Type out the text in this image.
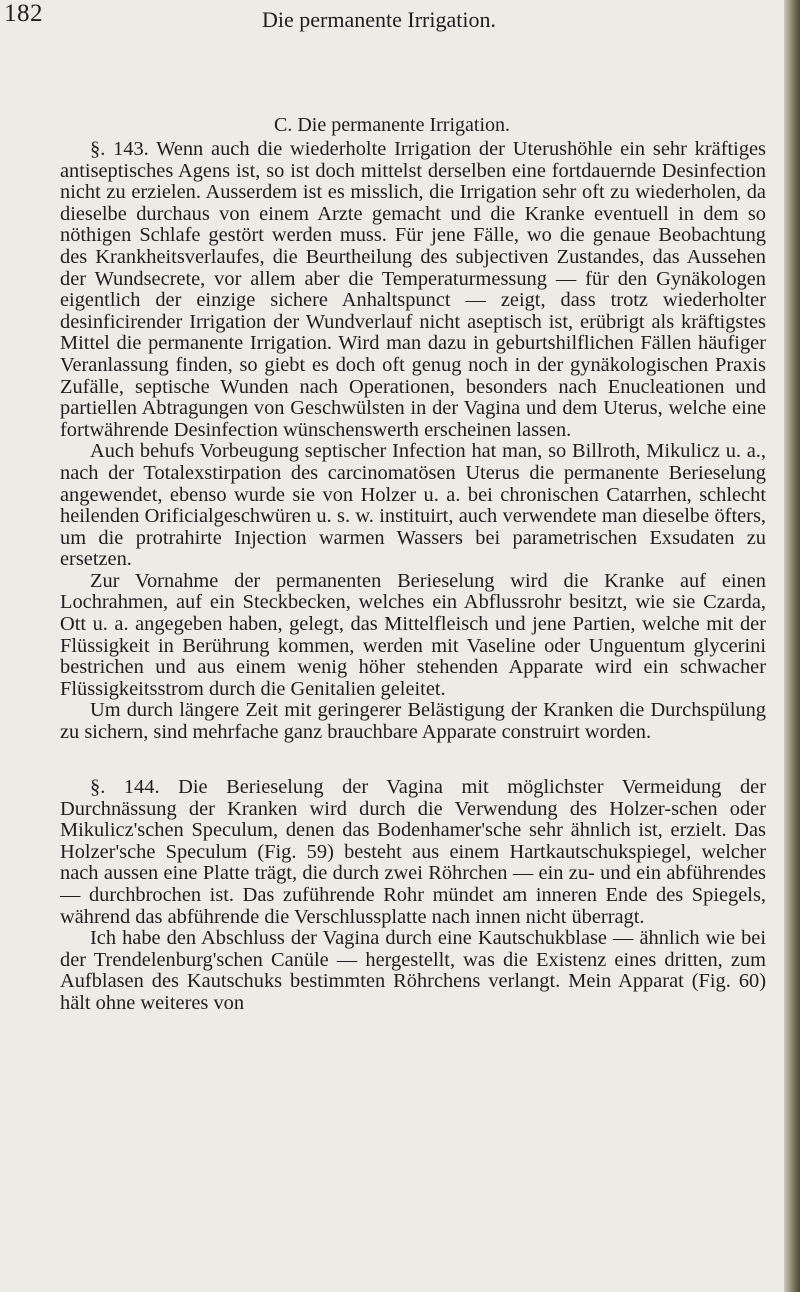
182	Die permanente Irrigation.
C. Die permanente Irrigation.

§. 143. Wenn auch die wiederholte Irrigation der Uterushöhle ein sehr kräftiges antiseptisches Agens ist, so ist doch mittelst derselben eine fortdauernde Desinfection nicht zu erzielen. Ausserdem ist es misslich, die Irrigation sehr oft zu wiederholen, da dieselbe durchaus von einem Arzte gemacht und die Kranke eventuell in dem so nöthigen Schlafe gestört werden muss. Für jene Fälle, wo die genaue Beobachtung des Krankheitsverlaufes, die Beurtheilung des subjectiven Zustandes, das Aussehen der Wundsecrete, vor allem aber die Temperaturmessung — für den Gynäkologen eigentlich der einzige sichere Anhaltspunct — zeigt, dass trotz wiederholter desinficirender Irrigation der Wundverlauf nicht aseptisch ist, erübrigt als kräftigstes Mittel die permanente Irrigation. Wird man dazu in geburtshilflichen Fällen häufiger Veranlassung finden, so giebt es doch oft genug noch in der gynäkologischen Praxis Zufälle, septische Wunden nach Operationen, besonders nach Enucleationen und partiellen Abtragungen von Geschwülsten in der Vagina und dem Uterus, welche eine fortwährende Desinfection wünschenswerth erscheinen lassen.

Auch behufs Vorbeugung septischer Infection hat man, so Billroth, Mikulicz u. a., nach der Totalexstirpation des carcinomatösen Uterus die permanente Berieselung angewendet, ebenso wurde sie von Holzer u. a. bei chronischen Catarrhen, schlecht heilenden Orificialgeschwüren u. s. w. instituirt, auch verwendete man dieselbe öfters, um die protrahirte Injection warmen Wassers bei parametrischen Exsudaten zu ersetzen.

Zur Vornahme der permanenten Berieselung wird die Kranke auf einen Lochrahmen, auf ein Steckbecken, welches ein Abflussrohr besitzt, wie sie Czarda, Ott u. a. angegeben haben, gelegt, das Mittelfleisch und jene Partien, welche mit der Flüssigkeit in Berührung kommen, werden mit Vaseline oder Unguentum glycerini bestrichen und aus einem wenig höher stehenden Apparate wird ein schwacher Flüssigkeitsstrom durch die Genitalien geleitet.

Um durch längere Zeit mit geringerer Belästigung der Kranken die Durchspülung zu sichern, sind mehrfache ganz brauchbare Apparate construirt worden.

§. 144. Die Berieselung der Vagina mit möglichster Vermeidung der Durchnässung der Kranken wird durch die Verwendung des Holzer-schen oder Mikulicz'schen Speculum, denen das Bodenhamer'sche sehr ähnlich ist, erzielt. Das Holzer'sche Speculum (Fig. 59) besteht aus einem Hartkautschukspiegel, welcher nach aussen eine Platte trägt, die durch zwei Röhrchen — ein zu- und ein abführendes — durchbrochen ist. Das zuführende Rohr mündet am inneren Ende des Spiegels, während das abführende die Verschlussplatte nach innen nicht überragt.

Ich habe den Abschluss der Vagina durch eine Kautschukblase — ähnlich wie bei der Trendelenburg'schen Canüle — hergestellt, was die Existenz eines dritten, zum Aufblasen des Kautschuks bestimmten Röhrchens verlangt. Mein Apparat (Fig. 60) hält ohne weiteres von
